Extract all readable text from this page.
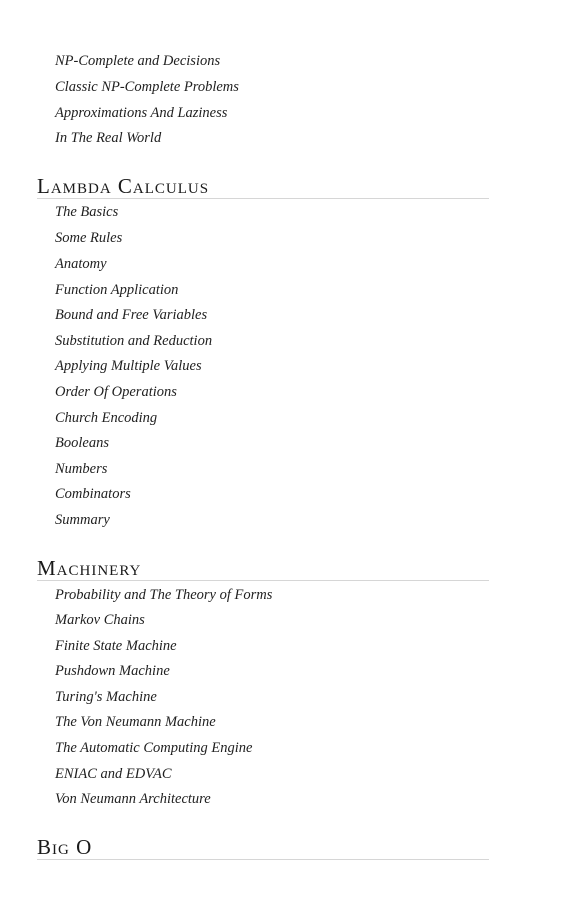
NP-Complete and Decisions
Classic NP-Complete Problems
Approximations And Laziness
In The Real World
Lambda Calculus
The Basics
Some Rules
Anatomy
Function Application
Bound and Free Variables
Substitution and Reduction
Applying Multiple Values
Order Of Operations
Church Encoding
Booleans
Numbers
Combinators
Summary
Machinery
Probability and The Theory of Forms
Markov Chains
Finite State Machine
Pushdown Machine
Turing's Machine
The Von Neumann Machine
The Automatic Computing Engine
ENIAC and EDVAC
Von Neumann Architecture
Big O
